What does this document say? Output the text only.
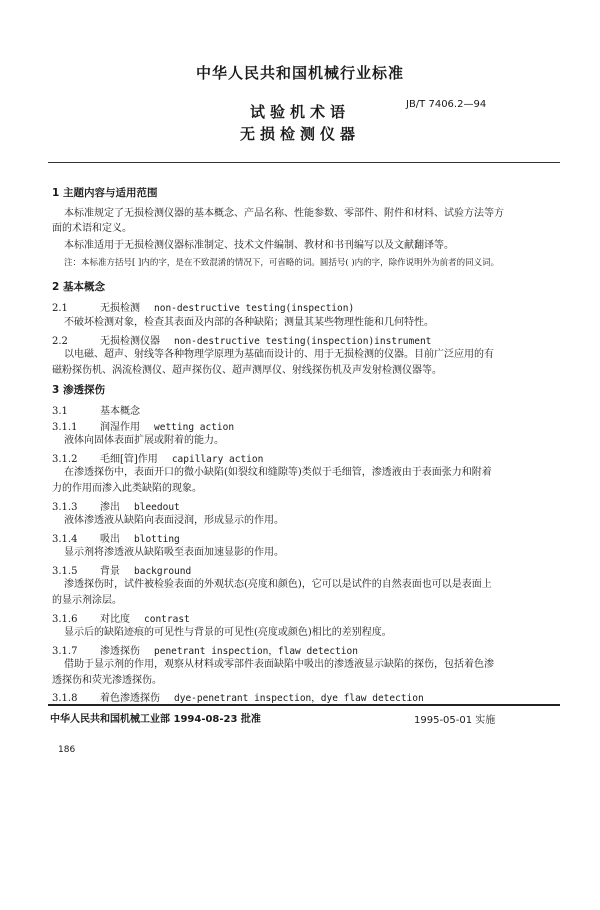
中华人民共和国机械行业标准
试验机术语
无损检测仪器
JB/T 7406.2—94
1 主题内容与适用范围
本标准规定了无损检测仪器的基本概念、产品名称、性能参数、零部件、附件和材料、试验方法等方
面的术语和定义。
本标准适用于无损检测仪器标准制定、技术文件编制、教材和书刊编写以及文献翻译等。
注：本标准方括号[ ]内的字，是在不致混淆的情况下，可省略的词。圆括号( )内的字，除作说明外为前者的同义词。
2 基本概念
2.1	无损检测 non-destructive testing(inspection)
不破坏检测对象，检查其表面及内部的各种缺陷；测量其某些物理性能和几何特性。
2.2	无损检测仪器 non-destructive testing(inspection)instrument
以电磁、超声、射线等各种物理学原理为基础而设计的、用于无损检测的仪器。目前广泛应用的有
磁粉探伤机、涡流检测仪、超声探伤仪、超声测厚仪、射线探伤机及声发射检测仪器等。
3 渗透探伤
3.1	基本概念
3.1.1 润湿作用 wetting action
液体向固体表面扩展或附着的能力。
3.1.2 毛细[管]作用 capillary action
在渗透探伤中，表面开口的微小缺陷(如裂纹和缝隙等)类似于毛细管，渗透液由于表面张力和附着
力的作用而渗入此类缺陷的现象。
3.1.3 渗出 bleedout
液体渗透液从缺陷向表面浸润，形成显示的作用。
3.1.4 吸出 blotting
显示剂将渗透液从缺陷吸至表面加速显影的作用。
3.1.5 背景 background
渗透探伤时，试件被检验表面的外观状态(亮度和颜色)，它可以是试件的自然表面也可以是表面上
的显示剂涂层。
3.1.6 对比度 contrast
显示后的缺陷迹痕的可见性与背景的可见性(亮度或颜色)相比的差别程度。
3.1.7 渗透探伤 penetrant inspection，flaw detection
借助于显示剂的作用，观察从材料或零部件表面缺陷中吸出的渗透液显示缺陷的探伤，包括着色渗
透探伤和荧光渗透探伤。
3.1.8 着色渗透探伤 dye-penetrant inspection，dye flaw detection
中华人民共和国机械工业部 1994-08-23 批准	1995-05-01 实施
186
